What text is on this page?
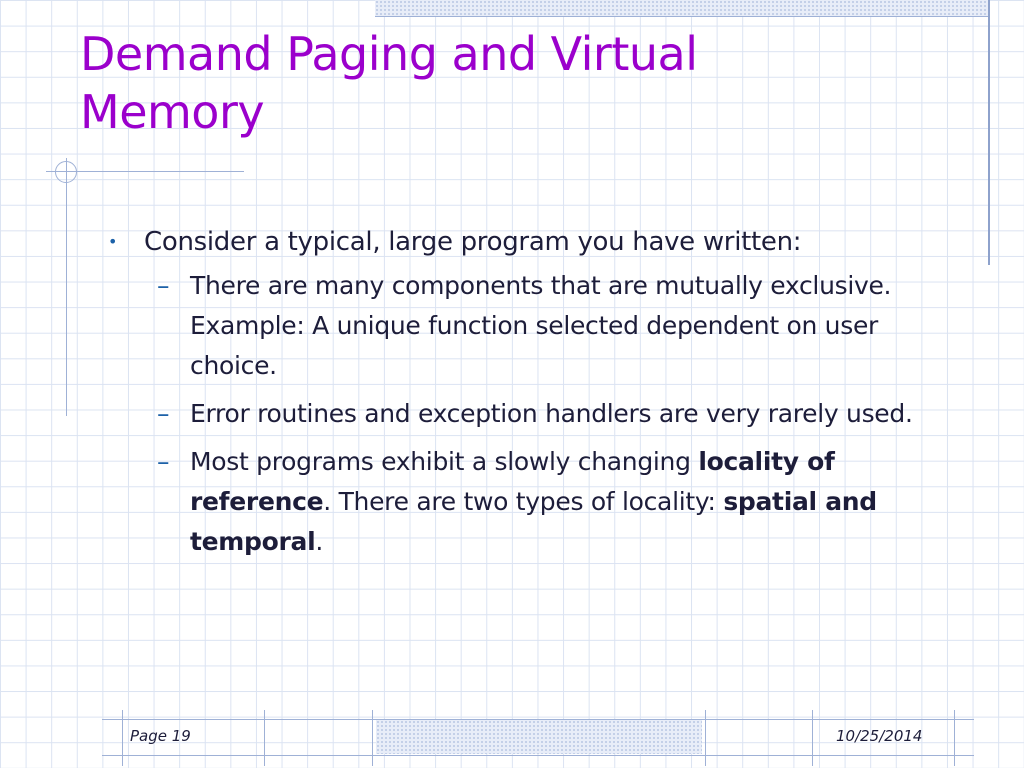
Demand Paging and Virtual Memory
• Consider a typical, large program you have written:
– There are many components that are mutually exclusive. Example: A unique function selected dependent on user choice.
– Error routines and exception handlers are very rarely used.
– Most programs exhibit a slowly changing locality of reference. There are two types of locality: spatial and temporal.
Page 19	10/25/2014
